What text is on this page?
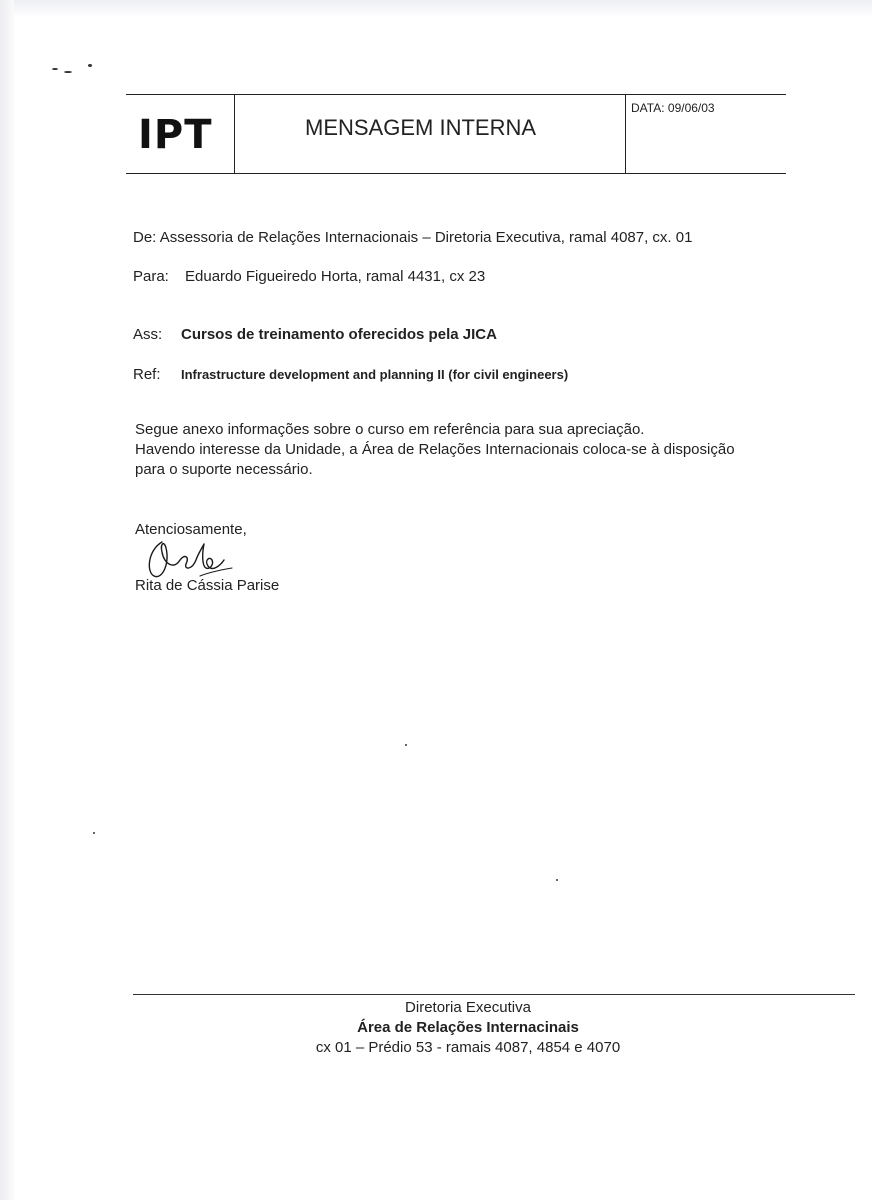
IPT	MENSAGEM INTERNA
DATA: 09/06/03
De: Assessoria de Relações Internacionais – Diretoria Executiva, ramal 4087, cx. 01
Para: Eduardo Figueiredo Horta, ramal 4431, cx 23
Ass: Cursos de treinamento oferecidos pela JICA
Ref: Infrastructure development and planning II (for civil engineers)
Segue anexo informações sobre o curso em referência para sua apreciação.
Havendo interesse da Unidade, a Área de Relações Internacionais coloca-se à disposição
para o suporte necessário.
Atenciosamente,
Rita de Cássia Parise
Diretoria Executiva
Área de Relações Internacinais
cx 01 – Prédio 53 - ramais 4087, 4854 e 4070
